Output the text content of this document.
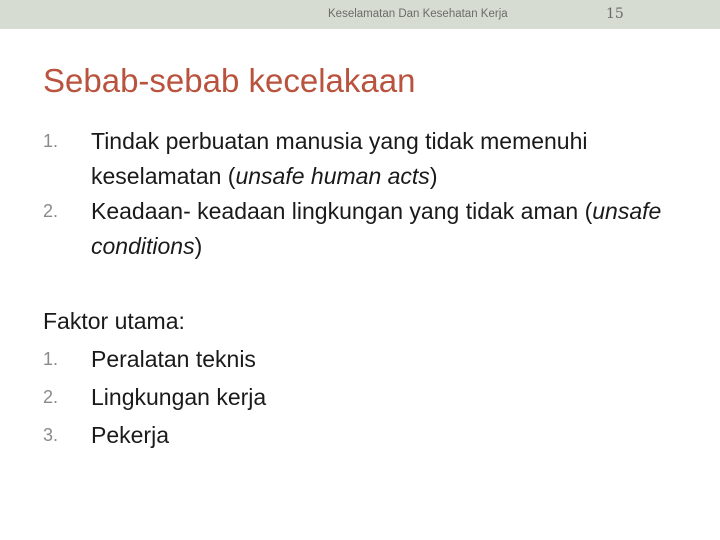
Keselamatan Dan Kesehatan Kerja	15
Sebab-sebab kecelakaan
1.	Tindak perbuatan manusia yang tidak memenuhi keselamatan (unsafe human acts)
2.	Keadaan- keadaan lingkungan yang tidak aman (unsafe conditions)
Faktor utama:
1.	Peralatan teknis
2.	Lingkungan kerja
3.	Pekerja
